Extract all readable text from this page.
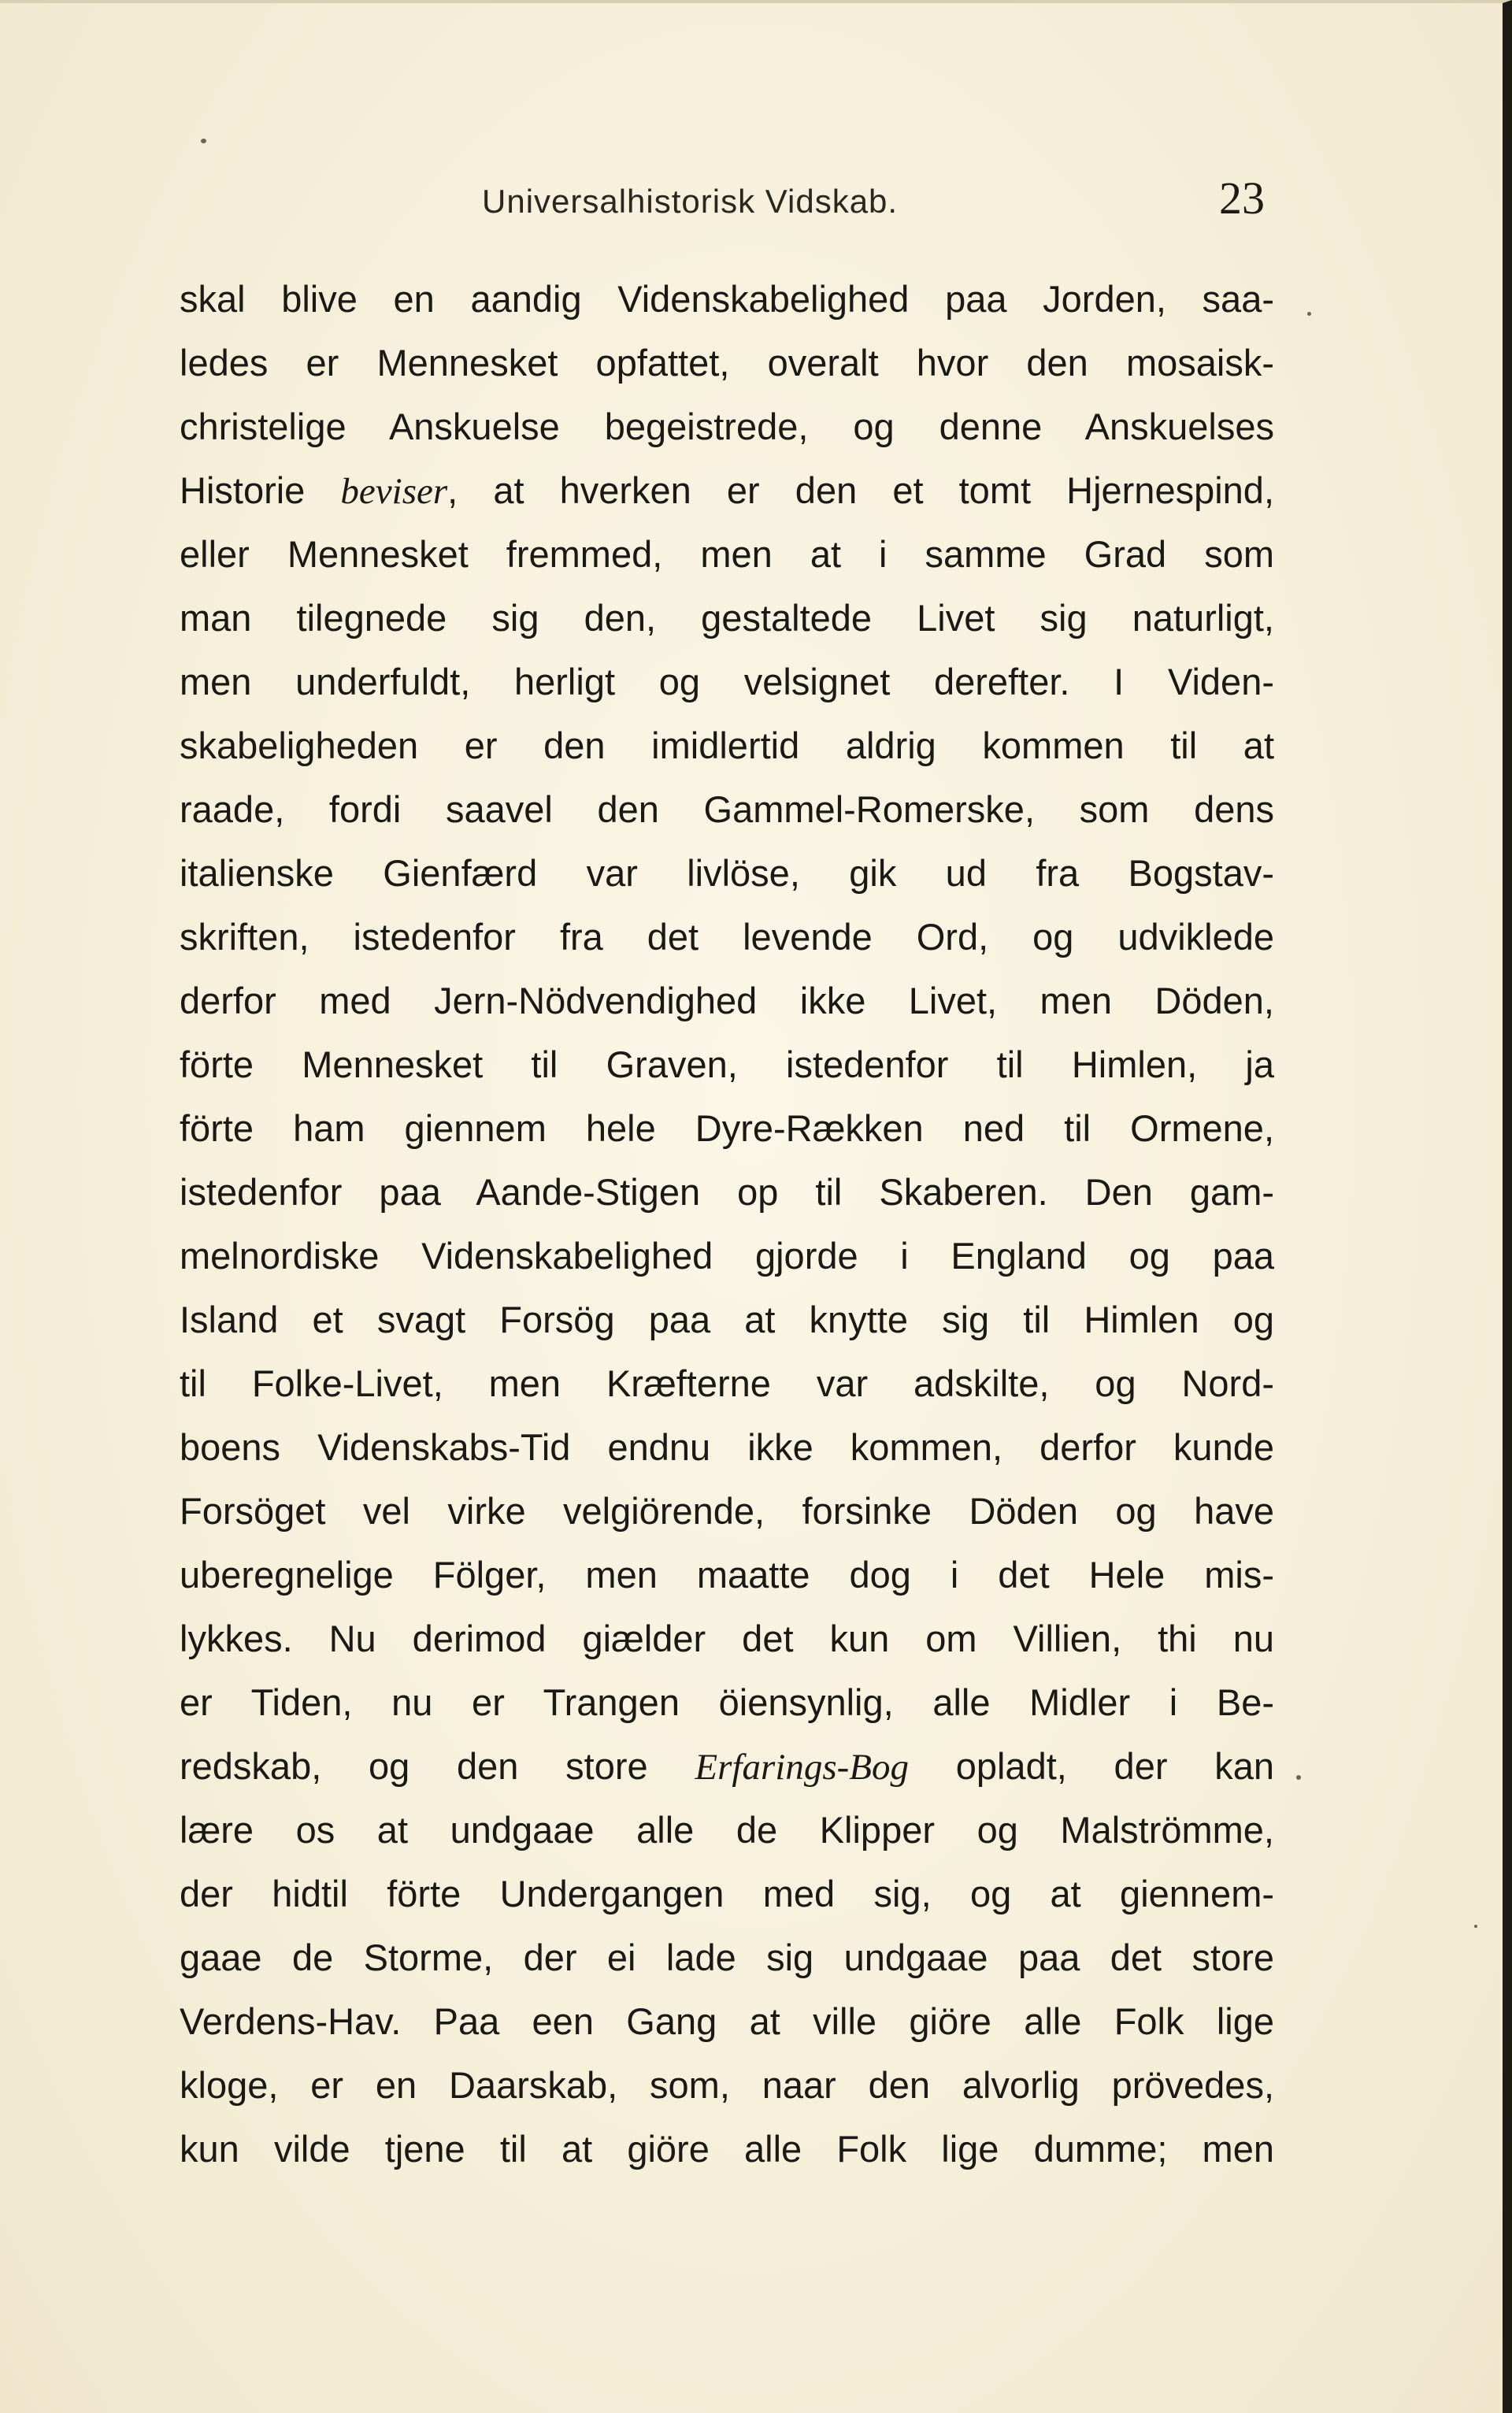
Universalhistorisk Vidskab.	23
skal blive en aandig Videnskabelighed paa Jorden, saa-
ledes er Mennesket opfattet, overalt hvor den mosaisk-
christelige Anskuelse begeistrede, og denne Anskuelses
Historie beviser, at hverken er den et tomt Hjernespind,
eller Mennesket fremmed, men at i samme Grad som
man tilegnede sig den, gestaltede Livet sig naturligt,
men underfuldt, herligt og velsignet derefter. I Viden-
skabeligheden er den imidlertid aldrig kommen til at
raade, fordi saavel den Gammel-Romerske, som dens
italienske Gienfærd var livlöse, gik ud fra Bogstav-
skriften, istedenfor fra det levende Ord, og udviklede
derfor med Jern-Nödvendighed ikke Livet, men Döden,
förte Mennesket til Graven, istedenfor til Himlen, ja
förte ham giennem hele Dyre-Rækken ned til Ormene,
istedenfor paa Aande-Stigen op til Skaberen. Den gam-
melnordiske Videnskabelighed gjorde i England og paa
Island et svagt Forsög paa at knytte sig til Himlen og
til Folke-Livet, men Kræfterne var adskilte, og Nord-
boens Videnskabs-Tid endnu ikke kommen, derfor kunde
Forsöget vel virke velgiörende, forsinke Döden og have
uberegnelige Fölger, men maatte dog i det Hele mis-
lykkes. Nu derimod giælder det kun om Villien, thi nu
er Tiden, nu er Trangen öiensynlig, alle Midler i Be-
redskab, og den store Erfarings-Bog opladt, der kan
lære os at undgaae alle de Klipper og Malströmme,
der hidtil förte Undergangen med sig, og at giennem-
gaae de Storme, der ei lade sig undgaae paa det store
Verdens-Hav. Paa een Gang at ville giöre alle Folk lige
kloge, er en Daarskab, som, naar den alvorlig prövedes,
kun vilde tjene til at giöre alle Folk lige dumme; men
